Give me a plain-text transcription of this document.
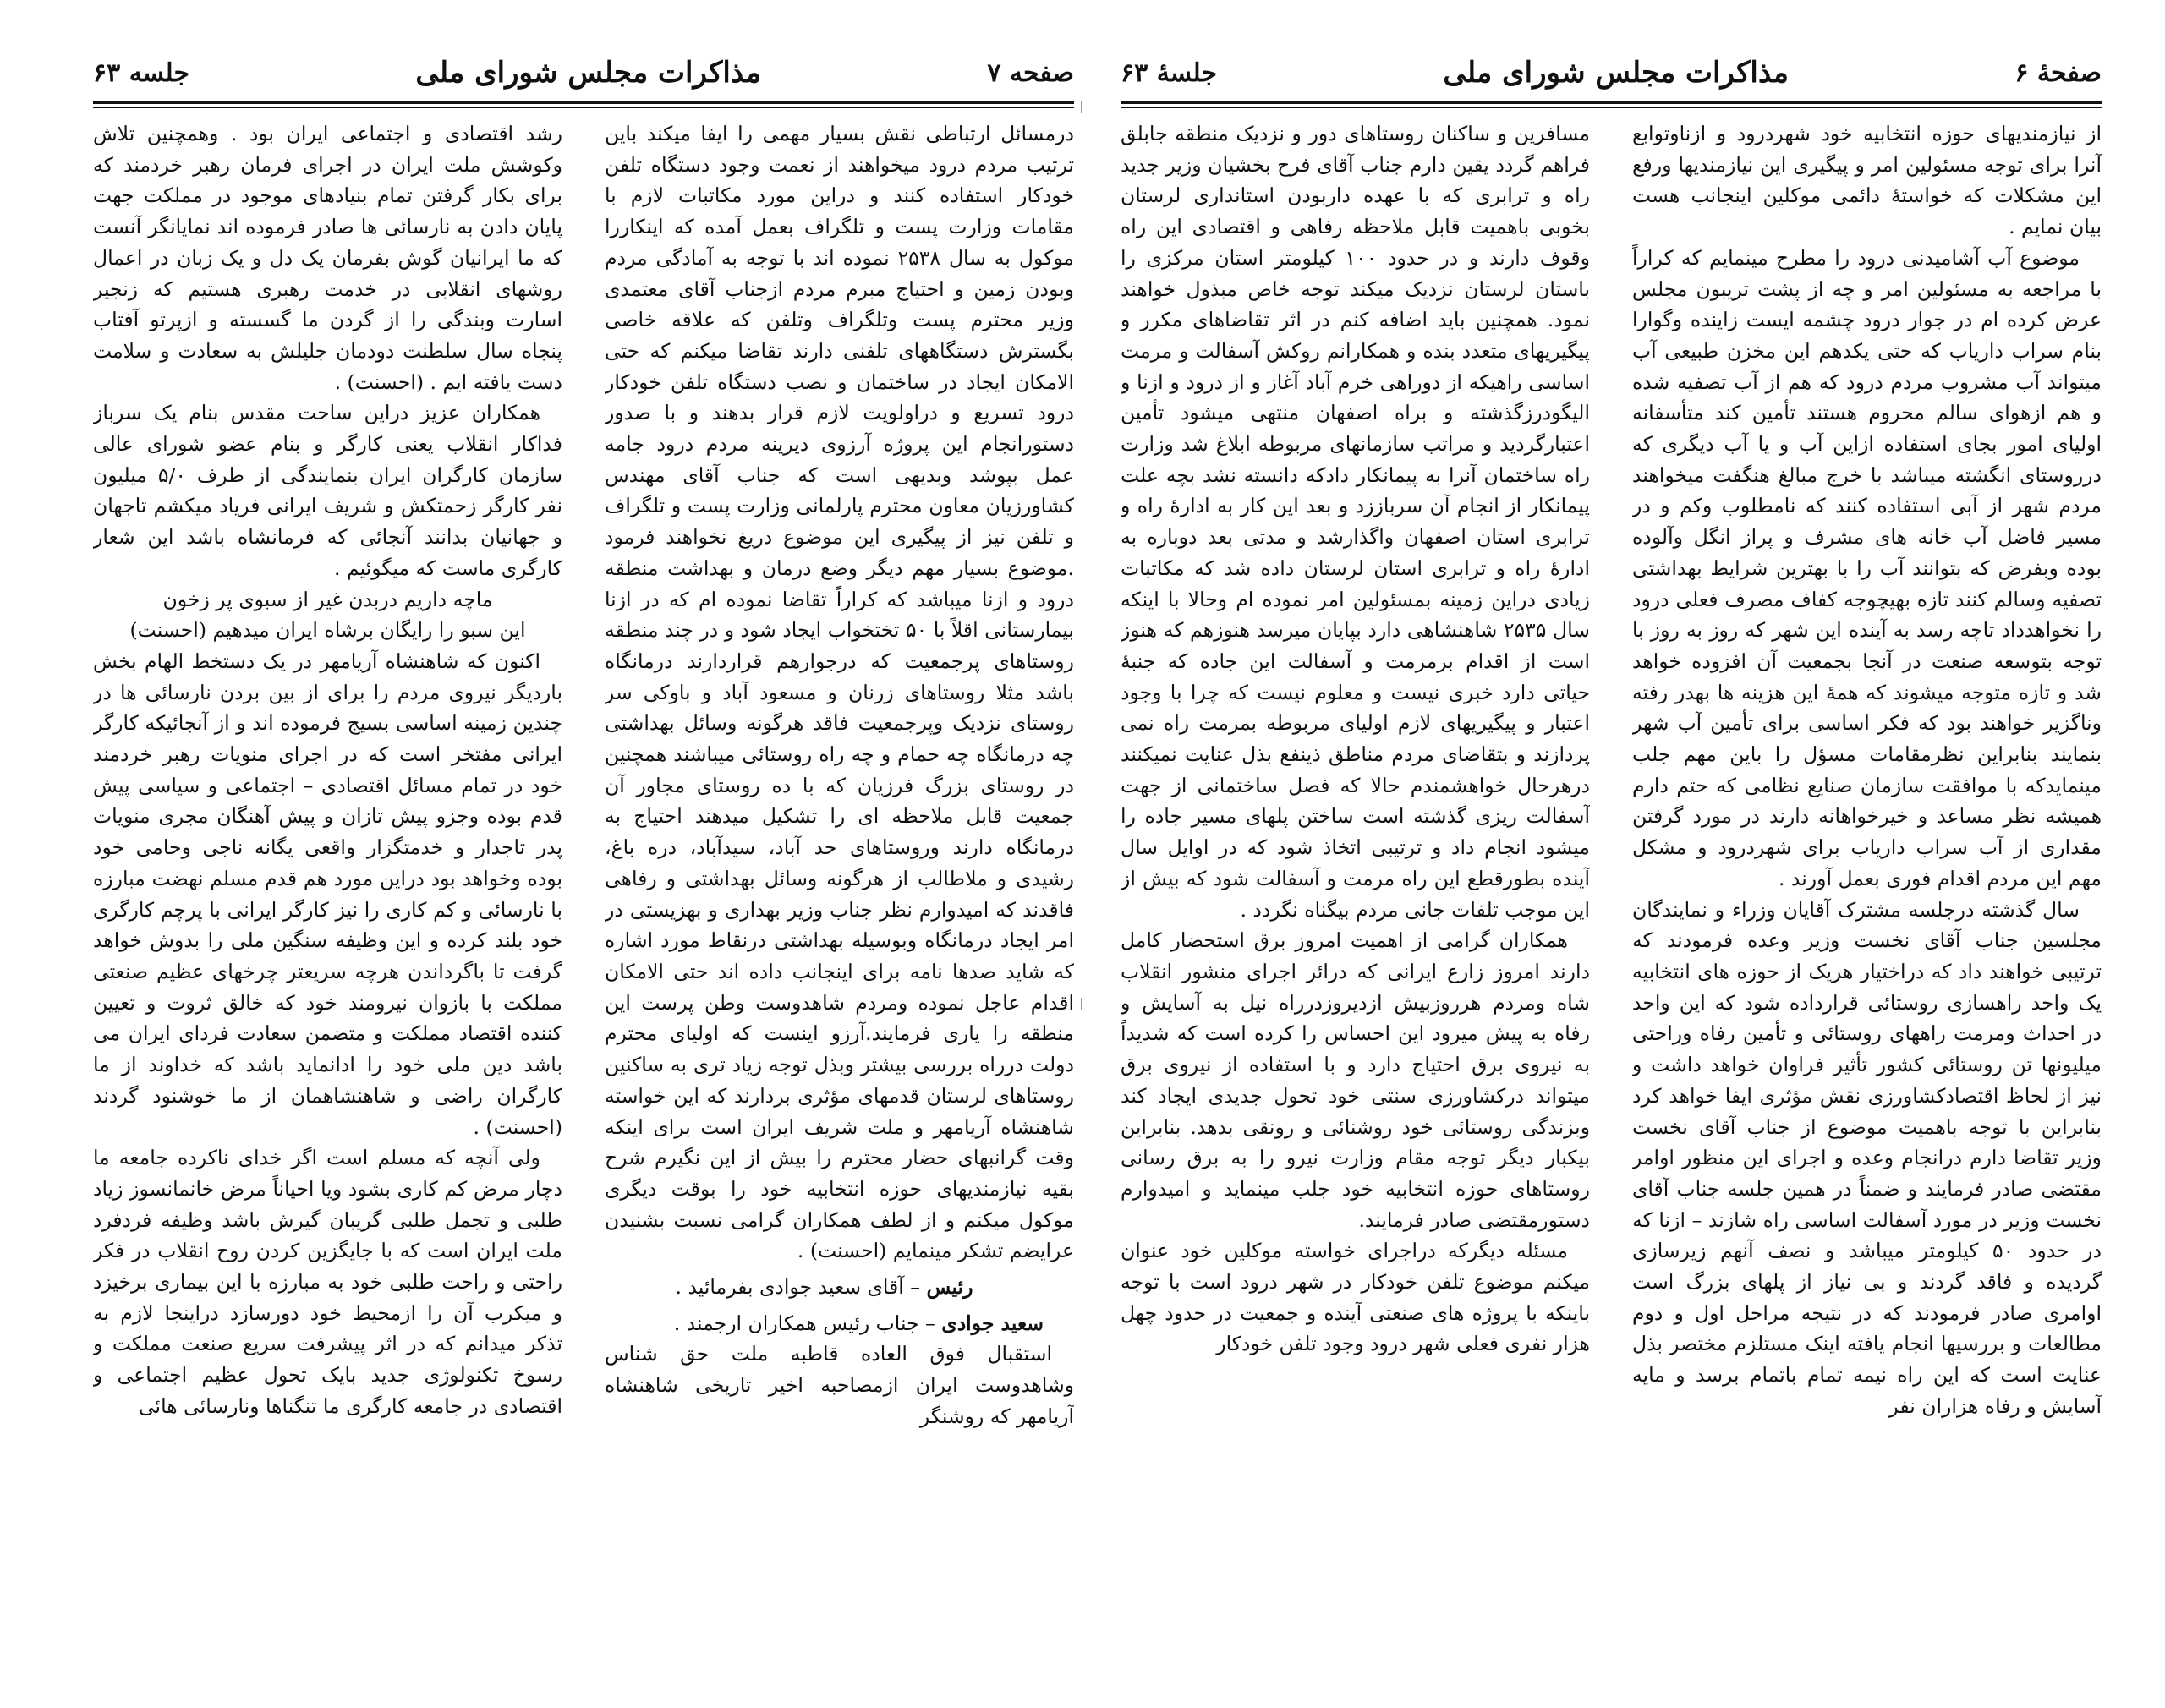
صفحه ۷
مذاکرات مجلس شورای ملی
جلسه ۶۳

درمسائل ارتباطی نقش بسیار مهمی را ایفا میکند باین ترتیب مردم درود میخواهند از نعمت وجود دستگاه تلفن خودکار استفاده کنند و دراین مورد مکاتبات لازم با مقامات وزارت پست و تلگراف بعمل آمده که اینکاررا موکول به سال ۲۵۳۸ نموده اند با توجه به آمادگی مردم وبودن زمین و احتیاج مبرم مردم ازجناب آقای معتمدی وزیر محترم پست وتلگراف وتلفن که علاقه خاصی بگسترش دستگاههای تلفنی دارند تقاضا میکنم که حتی الامکان ایجاد در ساختمان و نصب دستگاه تلفن خودکار درود تسریع و دراولویت لازم قرار بدهند و با صدور دستورانجام این پروژه آرزوی دیرینه مردم درود جامه عمل بپوشد وبدیهی است که جناب آقای مهندس کشاورزیان معاون محترم پارلمانی وزارت پست و تلگراف و تلفن نیز از پیگیری این موضوع دریغ نخواهند فرمود .موضوع بسیار مهم دیگر وضع درمان و بهداشت منطقه درود و ازنا میباشد که کراراً تقاضا نموده ام که در ازنا بیمارستانی اقلاً با ۵۰ تختخواب ایجاد شود و در چند منطقه روستاهای پرجمعیت که درجوارهم قراردارند درمانگاه باشد مثلا روستاهای زرنان و مسعود آباد و باوکی سر روستای نزدیک وپرجمعیت فاقد هرگونه وسائل بهداشتی چه درمانگاه چه حمام و چه راه روستائی میباشند همچنین در روستای بزرگ فرزیان که با ده روستای مجاور آن جمعیت قابل ملاحظه ای را تشکیل میدهند احتیاج به درمانگاه دارند وروستاهای حد آباد، سیدآباد، دره باغ، رشیدی و ملاطالب از هرگونه وسائل بهداشتی و رفاهی فاقدند که امیدوارم نظر جناب وزیر بهداری و بهزیستی در امر ایجاد درمانگاه وبوسیله بهداشتی درنقاط مورد اشاره که شاید صدها نامه برای اینجانب داده اند حتی الامکان اقدام عاجل نموده ومردم شاهدوست وطن پرست این منطقه را یاری فرمایند.آرزو اینست که اولیای محترم دولت درراه بررسی بیشتر وبذل توجه زیاد تری به ساکنین روستاهای لرستان قدمهای مؤثری بردارند که این خواسته شاهنشاه آریامهر و ملت شریف ایران است برای اینکه وقت گرانبهای حضار محترم را بیش از این نگیرم شرح بقیه نیازمندیهای حوزه انتخابیه خود را بوقت دیگری موکول میکنم و از لطف همکاران گرامی نسبت بشنیدن عرایضم تشکر مینمایم (احسنت) .

رئیس – آقای سعید جوادی بفرمائید .

سعید جوادی – جناب رئیس همکاران ارجمند .

استقبال فوق العاده قاطبه ملت حق شناس وشاهدوست ایران ازمصاحبه اخیر تاریخی شاهنشاه آریامهر که روشنگر

رشد اقتصادی و اجتماعی ایران بود . وهمچنین تلاش وکوشش ملت ایران در اجرای فرمان رهبر خردمند که برای بکار گرفتن تمام بنیادهای موجود در مملکت جهت پایان دادن به نارسائی ها صادر فرموده اند نمایانگر آنست که ما ایرانیان گوش بفرمان یک دل و یک زبان در اعمال روشهای انقلابی در خدمت رهبری هستیم که زنجیر اسارت وبندگی را از گردن ما گسسته و ازپرتو آفتاب پنجاه سال سلطنت دودمان جلیلش به سعادت و سلامت دست یافته ایم . (احسنت) .

همکاران عزیز دراین ساحت مقدس بنام یک سرباز فداکار انقلاب یعنی کارگر و بنام عضو شورای عالی سازمان کارگران ایران بنمایندگی از طرف ۵/۰ میلیون نفر کارگر زحمتکش و شریف ایرانی فریاد میکشم تاجهان و جهانیان بدانند آنجائی که فرمانشاه باشد این شعار کارگری ماست که میگوئیم .

ماچه داریم دربدن غیر از سبوی پر زخون

این سبو را رایگان برشاه ایران میدهیم (احسنت)

اکنون که شاهنشاه آریامهر در یک دستخط الهام بخش باردیگر نیروی مردم را برای از بین بردن نارسائی ها در چندین زمینه اساسی بسیج فرموده اند و از آنجائیکه کارگر ایرانی مفتخر است که در اجرای منویات رهبر خردمند خود در تمام مسائل اقتصادی – اجتماعی و سیاسی پیش قدم بوده وجزو پیش تازان و پیش آهنگان مجری منویات پدر تاجدار و خدمتگزار واقعی یگانه ناجی وحامی خود بوده وخواهد بود دراین مورد هم قدم مسلم نهضت مبارزه با نارسائی و کم کاری را نیز کارگر ایرانی با پرچم کارگری خود بلند کرده و این وظیفه سنگین ملی را بدوش خواهد گرفت تا باگرداندن هرچه سریعتر چرخهای عظیم صنعتی مملکت با بازوان نیرومند خود که خالق ثروت و تعیین کننده اقتصاد مملکت و متضمن سعادت فردای ایران می باشد دین ملی خود را ادانماید باشد که خداوند از ما کارگران راضی و شاهنشاهمان از ما خوشنود گردند (احسنت) .

ولی آنچه که مسلم است اگر خدای ناکرده جامعه ما دچار مرض کم کاری بشود ویا احیاناً مرض خانمانسوز زیاد طلبی و تجمل طلبی گریبان گیرش باشد وظیفه فردفرد ملت ایران است که با جایگزین کردن روح انقلاب در فکر راحتی و راحت طلبی خود به مبارزه با این بیماری برخیزد و میکرب آن را ازمحیط خود دورسازد دراینجا لازم به تذکر میدانم که در اثر پیشرفت سریع صنعت مملکت و رسوخ تکنولوژی جدید بایک تحول عظیم اجتماعی و اقتصادی در جامعه کارگری ما تنگناها ونارسائی هائی

صفحهٔ ۶
مذاکرات مجلس شورای ملی
جلسهٔ ۶۳

از نیازمندیهای حوزه انتخابیه خود شهردرود و ازناوتوابع آنرا برای توجه مسئولین امر و پیگیری این نیازمندیها ورفع این مشکلات که خواستهٔ دائمی موکلین اینجانب هست بیان نمایم .

موضوع آب آشامیدنی درود را مطرح مینمایم که کراراً با مراجعه به مسئولین امر و چه از پشت تریبون مجلس عرض کرده ام در جوار درود چشمه ایست زاینده وگوارا بنام سراب داریاب که حتی یکدهم این مخزن طبیعی آب میتواند آب مشروب مردم درود که هم از آب تصفیه شده و هم ازهوای سالم محروم هستند تأمین کند متأسفانه اولیای امور بجای استفاده ازاین آب و یا آب دیگری که درروستای انگشته میباشد با خرج مبالغ هنگفت میخواهند مردم شهر از آبی استفاده کنند که نامطلوب وکم و در مسیر فاضل آب خانه های مشرف و پراز انگل وآلوده بوده وبفرض که بتوانند آب را با بهترین شرایط بهداشتی تصفیه وسالم کنند تازه بهیچوجه کفاف مصرف فعلی درود را نخواهدداد تاچه رسد به آینده این شهر که روز به روز با توجه بتوسعه صنعت در آنجا بجمعیت آن افزوده خواهد شد و تازه متوجه میشوند که همهٔ این هزینه ها بهدر رفته وناگزیر خواهند بود که فکر اساسی برای تأمین آب شهر بنمایند بنابراین نظرمقامات مسؤل را باین مهم جلب مینمایدکه با موافقت سازمان صنایع نظامی که حتم دارم همیشه نظر مساعد و خیرخواهانه دارند در مورد گرفتن مقداری از آب سراب داریاب برای شهردرود و مشکل مهم این مردم اقدام فوری بعمل آورند .

سال گذشته درجلسه مشترک آقایان وزراء و نمایندگان مجلسین جناب آقای نخست وزیر وعده فرمودند که ترتیبی خواهند داد که دراختیار هریک از حوزه های انتخابیه یک واحد راهسازی روستائی قرارداده شود که این واحد در احداث ومرمت راههای روستائی و تأمین رفاه وراحتی میلیونها تن روستائی کشور تأثیر فراوان خواهد داشت و نیز از لحاظ اقتصادکشاورزی نقش مؤثری ایفا خواهد کرد بنابراین با توجه باهمیت موضوع از جناب آقای نخست وزیر تقاضا دارم درانجام وعده و اجرای این منظور اوامر مقتضی صادر فرمایند و ضمناً در همین جلسه جناب آقای نخست وزیر در مورد آسفالت اساسی راه شازند – ازنا که در حدود ۵۰ کیلومتر میباشد و نصف آنهم زیرسازی گردیده و فاقد گردند و بی نیاز از پلهای بزرگ است اوامری صادر فرمودند که در نتیجه مراحل اول و دوم مطالعات و بررسیها انجام یافته اینک مستلزم مختصر بذل عنایت است که این راه نیمه تمام باتمام برسد و مایه آسایش و رفاه هزاران نفر

مسافرین و ساکنان روستاهای دور و نزدیک منطقه جابلق فراهم گردد یقین دارم جناب آقای فرح بخشیان وزیر جدید راه و ترابری که با عهده داربودن استانداری لرستان بخوبی باهمیت قابل ملاحظه رفاهی و اقتصادی این راه وقوف دارند و در حدود ۱۰۰ کیلومتر استان مرکزی را باستان لرستان نزدیک میکند توجه خاص مبذول خواهند نمود. همچنین باید اضافه کنم در اثر تقاضاهای مکرر و پیگیریهای متعدد بنده و همکارانم روکش آسفالت و مرمت اساسی راهیکه از دوراهی خرم آباد آغاز و از درود و ازنا و الیگودرزگذشته و براه اصفهان منتهی میشود تأمین اعتبارگردید و مراتب سازمانهای مربوطه ابلاغ شد وزارت راه ساختمان آنرا به پیمانکار دادکه دانسته نشد بچه علت پیمانکار از انجام آن سرباززد و بعد این کار به ادارهٔ راه و ترابری استان اصفهان واگذارشد و مدتی بعد دوباره به ادارهٔ راه و ترابری استان لرستان داده شد که مکاتبات زیادی دراین زمینه بمسئولین امر نموده ام وحالا با اینکه سال ۲۵۳۵ شاهنشاهی دارد بپایان میرسد هنوزهم که هنوز است از اقدام برمرمت و آسفالت این جاده که جنبهٔ حیاتی دارد خبری نیست و معلوم نیست که چرا با وجود اعتبار و پیگیریهای لازم اولیای مربوطه بمرمت راه نمی پردازند و بتقاضای مردم مناطق ذینفع بذل عنایت نمیکنند درهرحال خواهشمندم حالا که فصل ساختمانی از جهت آسفالت ریزی گذشته است ساختن پلهای مسیر جاده را میشود انجام داد و ترتیبی اتخاذ شود که در اوایل سال آینده بطورقطع این راه مرمت و آسفالت شود که بیش از این موجب تلفات جانی مردم بیگناه نگردد .

همکاران گرامی از اهمیت امروز برق استحضار کامل دارند امروز زارع ایرانی که درائر اجرای منشور انقلاب شاه ومردم هرروزبیش ازدیروزدرراه نیل به آسایش و رفاه به پیش میرود این احساس را کرده است که شدیداً به نیروی برق احتیاج دارد و با استفاده از نیروی برق میتواند درکشاورزی سنتی خود تحول جدیدی ایجاد کند وبزندگی روستائی خود روشنائی و رونقی بدهد. بنابراین بیکبار دیگر توجه مقام وزارت نیرو را به برق رسانی روستاهای حوزه انتخابیه خود جلب مینماید و امیدوارم دستورمقتضی صادر فرمایند.

مسئله دیگرکه دراجرای خواسته موکلین خود عنوان میکنم موضوع تلفن خودکار در شهر درود است با توجه باینکه با پروژه های صنعتی آینده و جمعیت در حدود چهل هزار نفری فعلی شهر درود وجود تلفن خودکار
